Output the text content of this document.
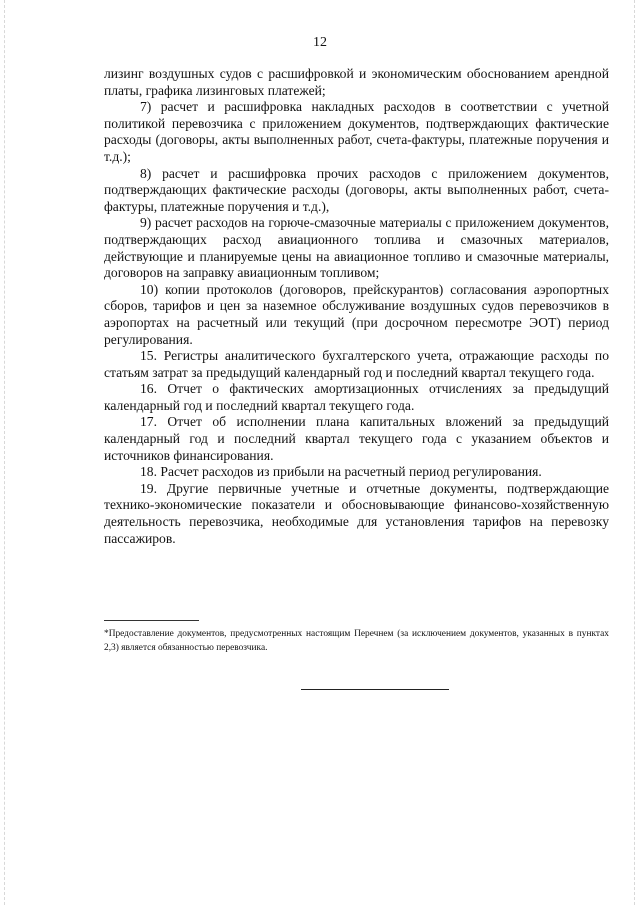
12

лизинг воздушных судов с расшифровкой и экономическим обоснованием арендной платы, графика лизинговых платежей;

7) расчет и расшифровка накладных расходов в соответствии с учетной политикой перевозчика с приложением документов, подтверждающих фактические расходы (договоры, акты выполненных работ, счета-фактуры, платежные поручения и т.д.);

8) расчет и расшифровка прочих расходов с приложением документов, подтверждающих фактические расходы (договоры, акты выполненных работ, счета-фактуры, платежные поручения и т.д.),

9) расчет расходов на горюче-смазочные материалы с приложением документов, подтверждающих расход авиационного топлива и смазочных материалов, действующие и планируемые цены на авиационное топливо и смазочные материалы, договоров на заправку авиационным топливом;

10) копии протоколов (договоров, прейскурантов) согласования аэропортных сборов, тарифов и цен за наземное обслуживание воздушных судов перевозчиков в аэропортах на расчетный или текущий (при досрочном пересмотре ЭОТ) период регулирования.

15. Регистры аналитического бухгалтерского учета, отражающие расходы по статьям затрат за предыдущий календарный год и последний квартал текущего года.

16. Отчет о фактических амортизационных отчислениях за предыдущий календарный год и последний квартал текущего года.

17. Отчет об исполнении плана капитальных вложений за предыдущий календарный год и последний квартал текущего года с указанием объектов и источников финансирования.

18. Расчет расходов из прибыли на расчетный период регулирования.

19. Другие первичные учетные и отчетные документы, подтверждающие технико-экономические показатели и обосновывающие финансово-хозяйственную деятельность перевозчика, необходимые для установления тарифов на перевозку пассажиров.

*Предоставление документов, предусмотренных настоящим Перечнем (за исключением документов, указанных в пунктах 2,3) является обязанностью перевозчика.
